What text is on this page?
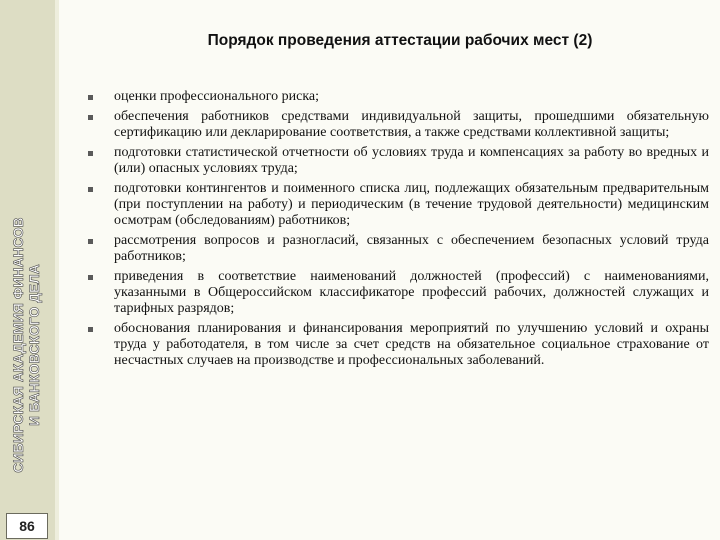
СИБИРСКАЯ АКАДЕМИЯ ФИНАНСОВ И БАНКОВСКОГО ДЕЛА
86
Порядок проведения аттестации рабочих мест (2)
оценки профессионального риска;
обеспечения работников средствами индивидуальной защиты, прошедшими обязательную сертификацию или декларирование соответствия, а также средствами коллективной защиты;
подготовки статистической отчетности об условиях труда и компенсациях за работу во вредных и (или) опасных условиях труда;
подготовки контингентов и поименного списка лиц, подлежащих обязательным предварительным (при поступлении на работу) и периодическим (в течение трудовой деятельности) медицинским осмотрам (обследованиям) работников;
рассмотрения вопросов и разногласий, связанных с обеспечением безопасных условий труда работников;
приведения в соответствие наименований должностей (профессий) с наименованиями, указанными в Общероссийском классификаторе профессий рабочих, должностей служащих и тарифных разрядов;
обоснования планирования и финансирования мероприятий по улучшению условий и охраны труда у работодателя, в том числе за счет средств на обязательное социальное страхование от несчастных случаев на производстве и профессиональных заболеваний.
